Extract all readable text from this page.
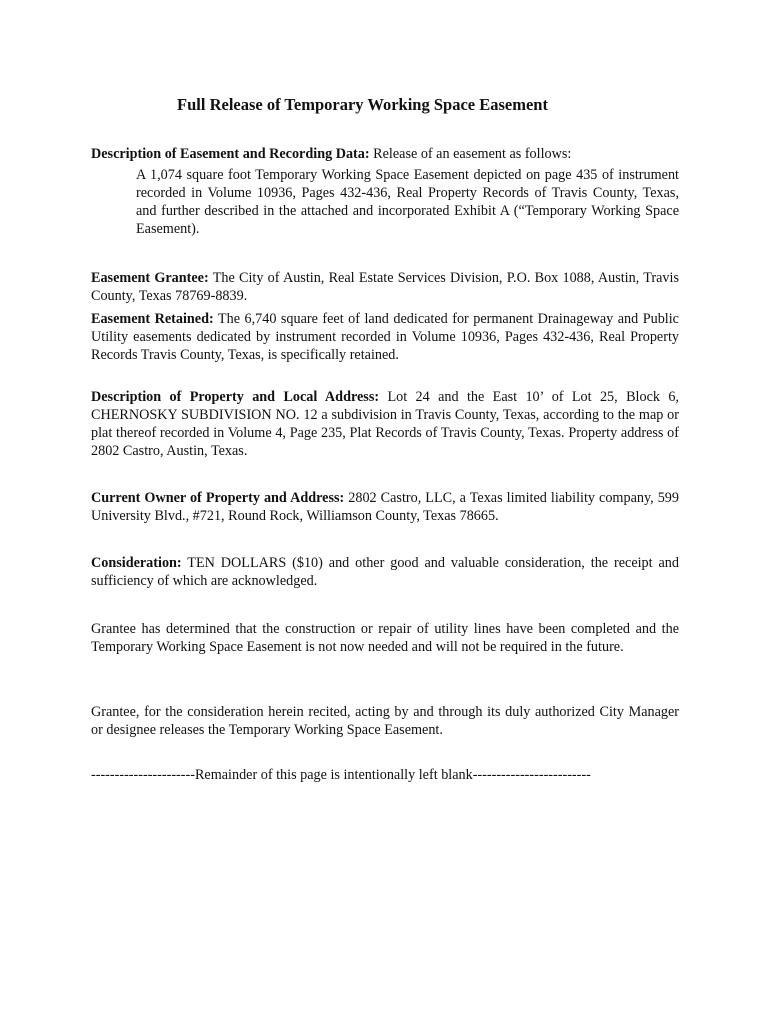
Full Release of Temporary Working Space Easement

Description of Easement and Recording Data: Release of an easement as follows:

A 1,074 square foot Temporary Working Space Easement depicted on page 435 of instrument recorded in Volume 10936, Pages 432-436, Real Property Records of Travis County, Texas, and further described in the attached and incorporated Exhibit A (“Temporary Working Space Easement).

Easement Grantee: The City of Austin, Real Estate Services Division, P.O. Box 1088, Austin, Travis County, Texas 78769-8839.

Easement Retained: The 6,740 square feet of land dedicated for permanent Drainageway and Public Utility easements dedicated by instrument recorded in Volume 10936, Pages 432-436, Real Property Records Travis County, Texas, is specifically retained.

Description of Property and Local Address: Lot 24 and the East 10’ of Lot 25, Block 6, CHERNOSKY SUBDIVISION NO. 12 a subdivision in Travis County, Texas, according to the map or plat thereof recorded in Volume 4, Page 235, Plat Records of Travis County, Texas. Property address of 2802 Castro, Austin, Texas.

Current Owner of Property and Address: 2802 Castro, LLC, a Texas limited liability company, 599 University Blvd., #721, Round Rock, Williamson County, Texas 78665.

Consideration: TEN DOLLARS ($10) and other good and valuable consideration, the receipt and sufficiency of which are acknowledged.

Grantee has determined that the construction or repair of utility lines have been completed and the Temporary Working Space Easement is not now needed and will not be required in the future.

Grantee, for the consideration herein recited, acting by and through its duly authorized City Manager or designee releases the Temporary Working Space Easement.

----------------------Remainder of this page is intentionally left blank-------------------------
